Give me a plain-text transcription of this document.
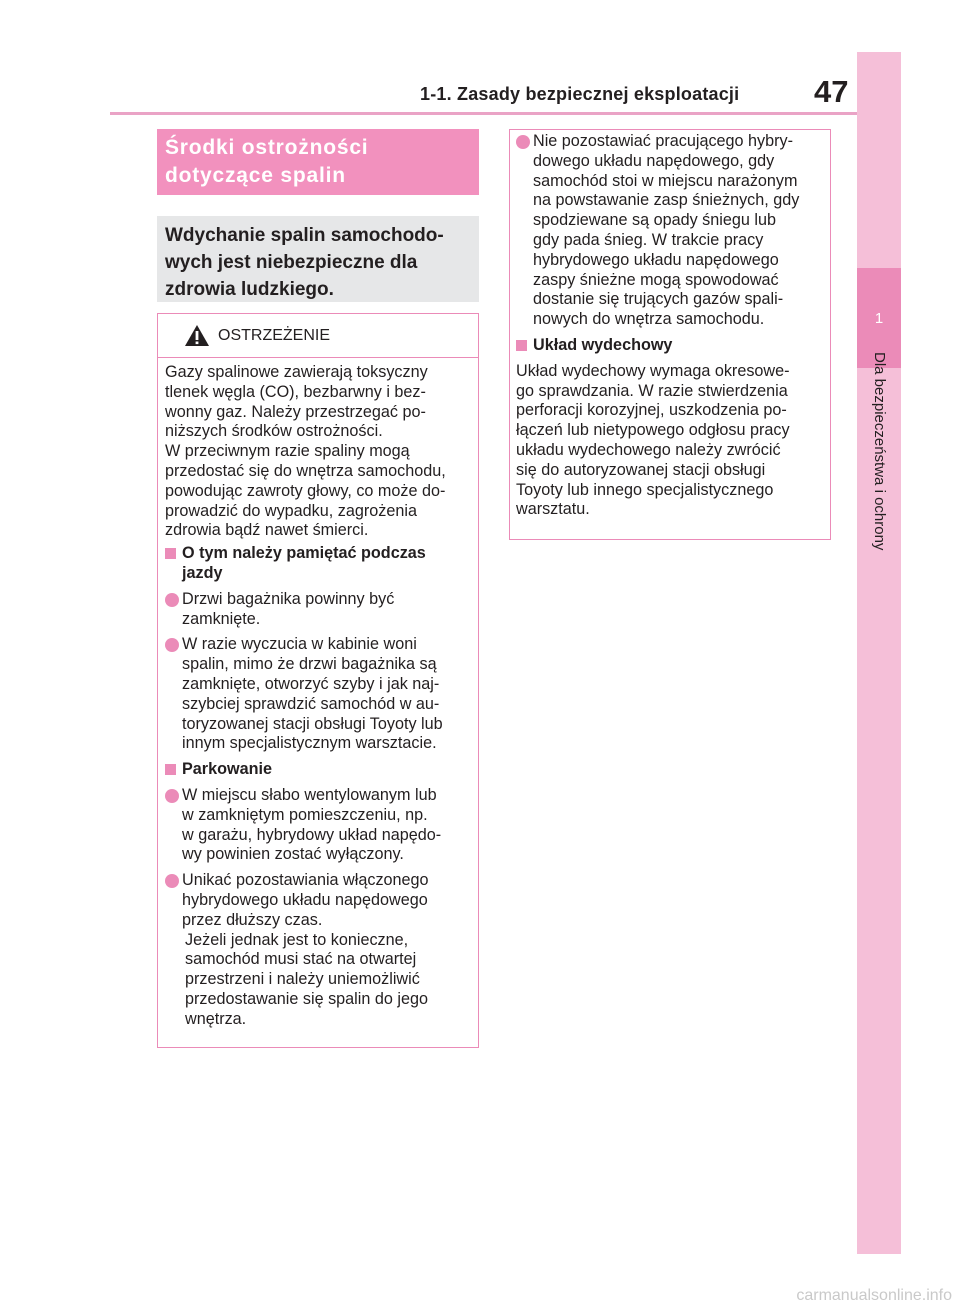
1-1. Zasady bezpiecznej eksploatacji 47
1
Dla bezpieczeństwa i ochrony
Środki ostrożności
dotyczące spalin
Wdychanie spalin samochodo-
wych jest niebezpieczne dla
zdrowia ludzkiego.
OSTRZEŻENIE
Gazy spalinowe zawierają toksyczny
tlenek węgla (CO), bezbarwny i bez-
wonny gaz. Należy przestrzegać po-
niższych środków ostrożności.
W przeciwnym razie spaliny mogą
przedostać się do wnętrza samochodu,
powodując zawroty głowy, co może do-
prowadzić do wypadku, zagrożenia
zdrowia bądź nawet śmierci.
O tym należy pamiętać podczas
jazdy
Drzwi bagażnika powinny być
zamknięte.
W razie wyczucia w kabinie woni
spalin, mimo że drzwi bagażnika są
zamknięte, otworzyć szyby i jak naj-
szybciej sprawdzić samochód w au-
toryzowanej stacji obsługi Toyoty lub
innym specjalistycznym warsztacie.
Parkowanie
W miejscu słabo wentylowanym lub
w zamkniętym pomieszczeniu, np.
w garażu, hybrydowy układ napędo-
wy powinien zostać wyłączony.
Unikać pozostawiania włączonego
hybrydowego układu napędowego
przez dłuższy czas.
Jeżeli jednak jest to konieczne,
samochód musi stać na otwartej
przestrzeni i należy uniemożliwić
przedostawanie się spalin do jego
wnętrza.
Nie pozostawiać pracującego hybry-
dowego układu napędowego, gdy
samochód stoi w miejscu narażonym
na powstawanie zasp śnieżnych, gdy
spodziewane są opady śniegu lub
gdy pada śnieg. W trakcie pracy
hybrydowego układu napędowego
zaspy śnieżne mogą spowodować
dostanie się trujących gazów spali-
nowych do wnętrza samochodu.
Układ wydechowy
Układ wydechowy wymaga okresowe-
go sprawdzania. W razie stwierdzenia
perforacji korozyjnej, uszkodzenia po-
łączeń lub nietypowego odgłosu pracy
układu wydechowego należy zwrócić
się do autoryzowanej stacji obsługi
Toyoty lub innego specjalistycznego
warsztatu.
carmanualsonline.info
